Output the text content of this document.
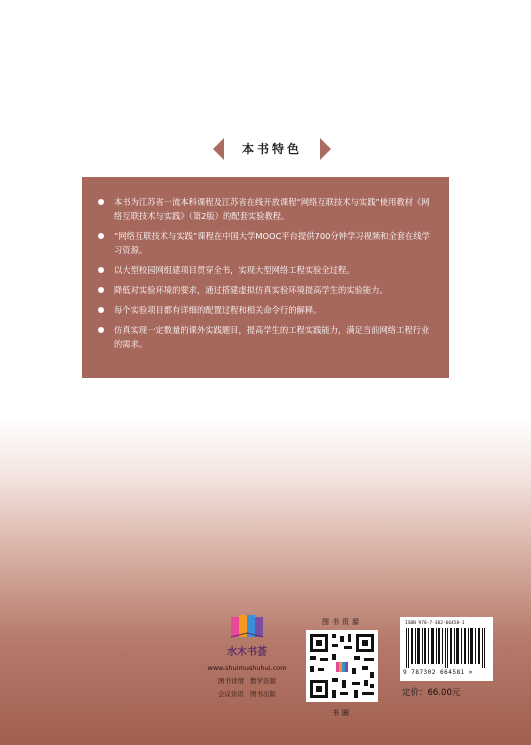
本书特色
本书为江苏省一流本科课程及江苏省在线开放课程“网络互联技术与实践”使用教材《网络互联技术与实践》（第2版）的配套实验教程。
“网络互联技术与实践”课程在中国大学MOOC平台提供700分钟学习视频和全套在线学习资源。
以大型校园网组建项目贯穿全书，实现大型网络工程实验全过程。
降低对实验环境的要求，通过搭建虚拟仿真实验环境提高学生的实验能力。
每个实验项目都有详细的配置过程和相关命令行的解释。
仿真实现一定数量的课外实践题目，提高学生的工程实践能力，满足当前网络工程行业的需求。
水木书荟
www.shuimushuhui.com
图书详情 教学资源
会议资讯 图书出版
图书资源
书圈
ISBN 978-7-302-66458-1
9 787302 664581 >
定价：66.00元
